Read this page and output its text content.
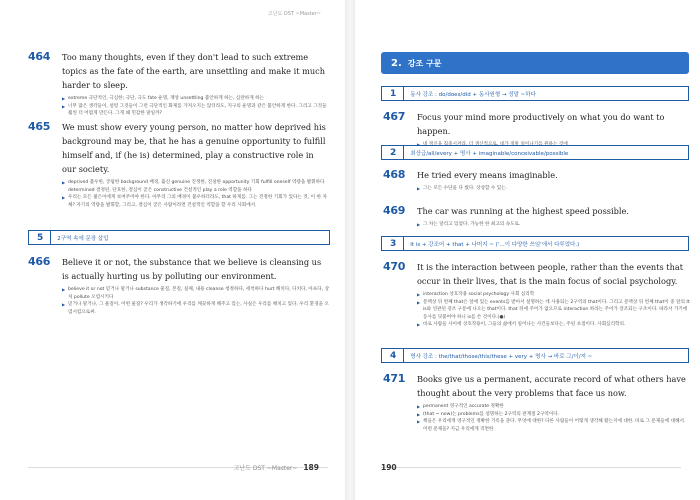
고난도 DST ~Master~
464 Too many thoughts, even if they don't lead to such extreme topics as the fate of the earth, are unsettling and make it much harder to sleep.
▶ extreme 극단적인, 극심한; 극단, 극도 fate 운명, 재앙 unsettling 불안하게 하는, 심란하게 하는
▶ 너무 많은 생각들이, 설령 그것들이 그런 극단적인 화제를 가져오지는 않더라도, 지구의 운명과 같은 불안하게 한다. 그리고 그것들 훨씬 더 어렵게 만든다. 그게 왜 민감한 말일까?
465 We must show every young person, no matter how deprived his background may be, that he has a genuine opportunity to fulfill himself and, if (he is) determined, play a constructive role in our society.
▶ deprived 불우한, 궁핍한 background 배경, 출신 genuine 진정한, 진실한 opportunity 기회 fulfill oneself 역량을 발휘하다 determined 결정된, 단호한, 결심이 굳은 constructive 건설적인 play a role 역할을 하다
▶ 우리는 모든 젊은이에게 보여주어야 한다. 아무리 그의 배경이 불우하더라도, that 하게를. 그는 진정한 기회가 있다는 것, 이 한 자체? 자기의 역량을 발휘할, 그리고, 결심이 굳은 사람이라면 건설적인 역할을 할 우리 사회에서.
5	2구역 속에 문장 삽입
466 Believe it or not, the substance that we believe is cleansing us is actually hurting us by polluting our environment.
▶ believe it or not 믿거나 말거나 substance 물질, 본질, 실체, 내용 cleanse 청정하다, 세척하다 hurt 해치다, 다치다, 아프다, 상처 pollute 오염시키다
▶ 믿거나 말거나, 그 물질이, 어떤 물질? 우리가 생각하기에 우리를 깨끗하게 해주고 있는, 사실은 우리를 해치고 있다. 우리 환경을 오염시킴으로써.
고난도 DST ~Master~ 189
2. 강조 구문
1	동사 강조 : do/does/did + 동사원형 → 정말 ~하다
467 Focus your mind more productively on what you do want to happen.
▶
2	최상급/all/every + 명사 + imaginable/conceivable/possible
468 He tried every means imaginable.
▶ 그는 모든 수단을 다 썼다. 상상할 수 있는.
469 The car was running at the highest speed possible.
▶ 그 차는 달리고 있었다. 가능한 한 최고의 속도로.
3	It is + 강조어 + that + 나머지 ~ ('…이 다양한 쓰임'에서 다루었다.)
470 It is the interaction between people, rather than the events that occur in their lives, that is the main focus of social psychology.
▶ interaction 상호작용 social psychology 사회 심리학
▶ 문맥상 뒤 번째 that은 앞에 있는 events를 받아서 설명하는 데 사용되는 2구역의 that이다. 그리고 문맥상 뒤 번째 that이 중 앞의 It is와 연관된 강조 구문에 나오는 that이다. that 뒤에 주어가 없으므로 interaction 하라는 주어가 강조되는 구조이다. 따라서 가기에 동사를 덧붙여야 하니 is를 쓴 것이다.(●)
▶ 바로 사람들 사이에 상호작용이, 그들의 삶에서 일어나는 사건들보다는, 주된 초점이다. 사회심리학의.
4	명사 강조 : the/that/those/this/these + very + 명사 → 바로 그/이/저 ~
471 Books give us a permanent, accurate record of what others have thought about the very problems that face us now.
▶ permanent 영구적인 accurate 정확한
▶ (that ~ now)는 problems를 설명하는 2구역의 관계절 2구역이다.
▶ 책들은 우리에게 영구적인 정확한 기록을 준다. 무엇에 대한? 다른 사람들이 어떻게 생각해 왔는지에 대한. 바로 그 문제들에 대해서. 어떤 문제들? 지금 우리에게 직면한.
190
